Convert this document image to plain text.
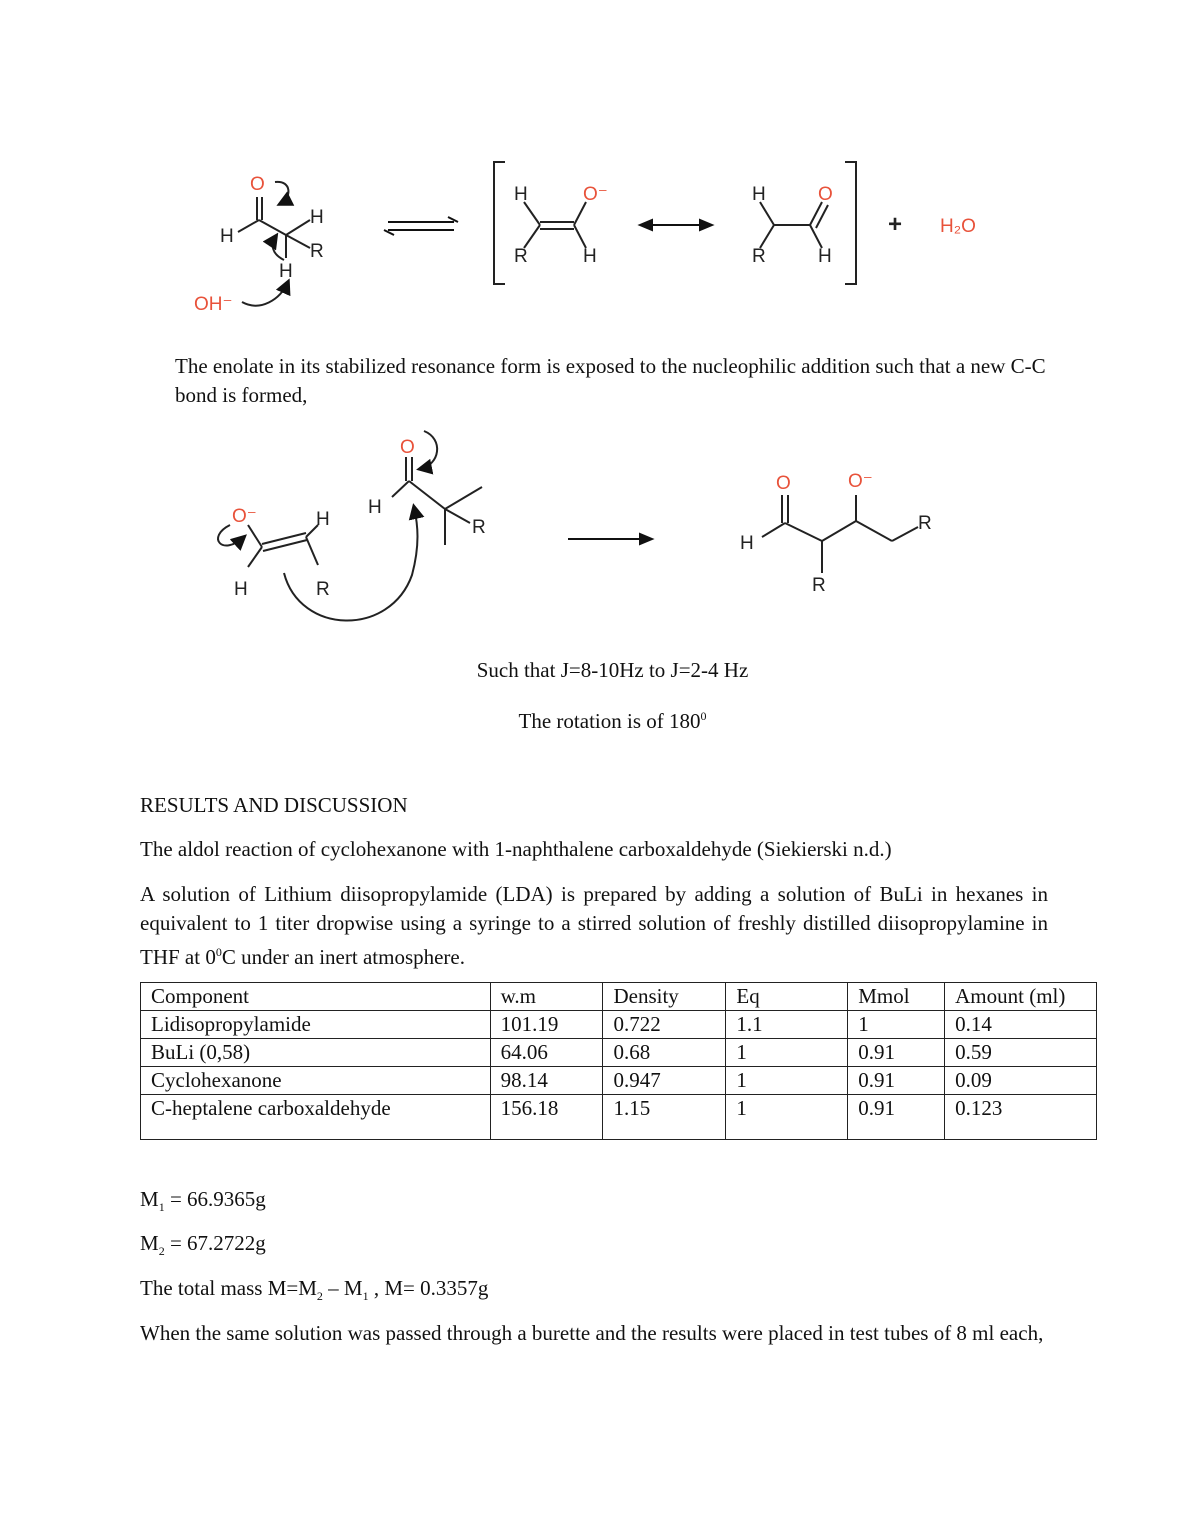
O
H
H
R
H
OH⁻
H
R
O⁻
H
H
R
O
H
+ H₂O
The enolate in its stabilized resonance form is exposed to the nucleophilic addition such that a new C-C bond is formed,
O⁻	H
H	R
O
H
R
O	O⁻
H
R
R
Such that J=8-10Hz to J=2-4 Hz
The rotation is of $180^0$
RESULTS AND DISCUSSION
The aldol reaction of cyclohexanone with 1-naphthalene carboxaldehyde (Siekierski n.d.)
A solution of Lithium diisopropylamide (LDA) is prepared by adding a solution of BuLi in hexanes in equivalent to 1 titer dropwise using a syringe to a stirred solution of freshly distilled diisopropylamine in THF at $0^0C$ under an inert atmosphere.
Component	w.m	Density	Eq	Mmol	Amount (ml)
Lidisopropylamide	101.19	0.722	1.1	1	0.14
BuLi (0,58)	64.06	0.68	1	0.91	0.59
Cyclohexanone	98.14	0.947	1	0.91	0.09
C-heptalene carboxaldehyde	156.18	1.15	1	0.91	0.123
$M_1 = 66.9365g$
$M_2 = 67.2722g$
The total mass $M=M_2 - M_1$ , M= 0.3357g
When the same solution was passed through a burette and the results were placed in test tubes of 8 ml each,
